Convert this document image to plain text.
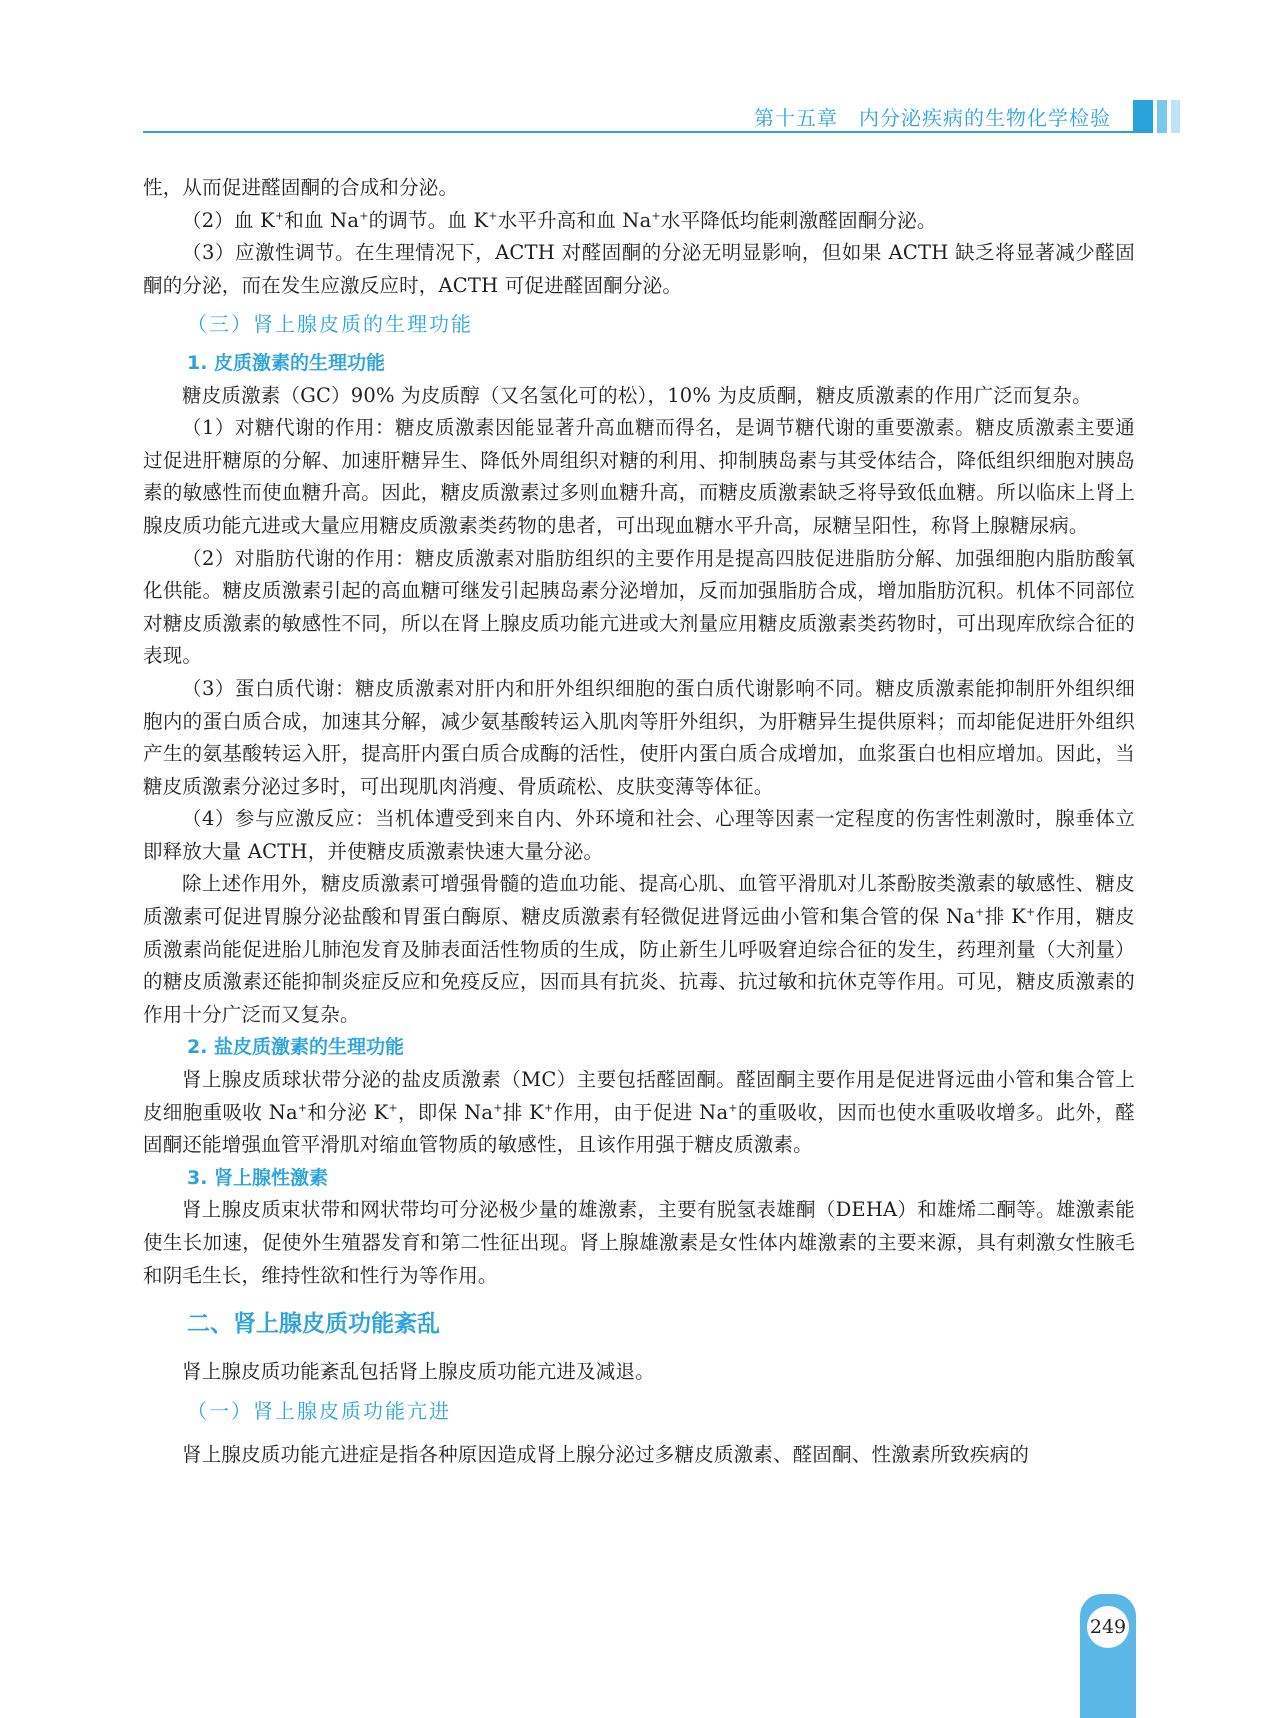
第十五章　内分泌疾病的生物化学检验

性，从而促进醛固酮的合成和分泌。

（2）血 K+和血 Na+的调节。血 K+水平升高和血 Na+水平降低均能刺激醛固酮分泌。

（3）应激性调节。在生理情况下，ACTH 对醛固酮的分泌无明显影响，但如果 ACTH 缺乏将显著减少醛固酮的分泌，而在发生应激反应时，ACTH 可促进醛固酮分泌。

（三）肾上腺皮质的生理功能
1. 皮质激素的生理功能

糖皮质激素（GC）90% 为皮质醇（又名氢化可的松），10% 为皮质酮，糖皮质激素的作用广泛而复杂。

（1）对糖代谢的作用：糖皮质激素因能显著升高血糖而得名，是调节糖代谢的重要激素。糖皮质激素主要通过促进肝糖原的分解、加速肝糖异生、降低外周组织对糖的利用、抑制胰岛素与其受体结合，降低组织细胞对胰岛素的敏感性而使血糖升高。因此，糖皮质激素过多则血糖升高，而糖皮质激素缺乏将导致低血糖。所以临床上肾上腺皮质功能亢进或大量应用糖皮质激素类药物的患者，可出现血糖水平升高，尿糖呈阳性，称肾上腺糖尿病。

（2）对脂肪代谢的作用：糖皮质激素对脂肪组织的主要作用是提高四肢促进脂肪分解、加强细胞内脂肪酸氧化供能。糖皮质激素引起的高血糖可继发引起胰岛素分泌增加，反而加强脂肪合成，增加脂肪沉积。机体不同部位对糖皮质激素的敏感性不同，所以在肾上腺皮质功能亢进或大剂量应用糖皮质激素类药物时，可出现库欣综合征的表现。

（3）蛋白质代谢：糖皮质激素对肝内和肝外组织细胞的蛋白质代谢影响不同。糖皮质激素能抑制肝外组织细胞内的蛋白质合成，加速其分解，减少氨基酸转运入肌肉等肝外组织，为肝糖异生提供原料；而却能促进肝外组织产生的氨基酸转运入肝，提高肝内蛋白质合成酶的活性，使肝内蛋白质合成增加，血浆蛋白也相应增加。因此，当糖皮质激素分泌过多时，可出现肌肉消瘦、骨质疏松、皮肤变薄等体征。

（4）参与应激反应：当机体遭受到来自内、外环境和社会、心理等因素一定程度的伤害性刺激时，腺垂体立即释放大量 ACTH，并使糖皮质激素快速大量分泌。

除上述作用外，糖皮质激素可增强骨髓的造血功能、提高心肌、血管平滑肌对儿茶酚胺类激素的敏感性、糖皮质激素可促进胃腺分泌盐酸和胃蛋白酶原、糖皮质激素有轻微促进肾远曲小管和集合管的保 Na+排 K+作用，糖皮质激素尚能促进胎儿肺泡发育及肺表面活性物质的生成，防止新生儿呼吸窘迫综合征的发生，药理剂量（大剂量）的糖皮质激素还能抑制炎症反应和免疫反应，因而具有抗炎、抗毒、抗过敏和抗休克等作用。可见，糖皮质激素的作用十分广泛而又复杂。

2. 盐皮质激素的生理功能

肾上腺皮质球状带分泌的盐皮质激素（MC）主要包括醛固酮。醛固酮主要作用是促进肾远曲小管和集合管上皮细胞重吸收 Na+和分泌 K+，即保 Na+排 K+作用，由于促进 Na+的重吸收，因而也使水重吸收增多。此外，醛固酮还能增强血管平滑肌对缩血管物质的敏感性，且该作用强于糖皮质激素。

3. 肾上腺性激素

肾上腺皮质束状带和网状带均可分泌极少量的雄激素，主要有脱氢表雄酮（DEHA）和雄烯二酮等。雄激素能使生长加速，促使外生殖器发育和第二性征出现。肾上腺雄激素是女性体内雄激素的主要来源，具有刺激女性腋毛和阴毛生长，维持性欲和性行为等作用。

二、肾上腺皮质功能紊乱

肾上腺皮质功能紊乱包括肾上腺皮质功能亢进及减退。

（一）肾上腺皮质功能亢进

肾上腺皮质功能亢进症是指各种原因造成肾上腺分泌过多糖皮质激素、醛固酮、性激素所致疾病的

249
